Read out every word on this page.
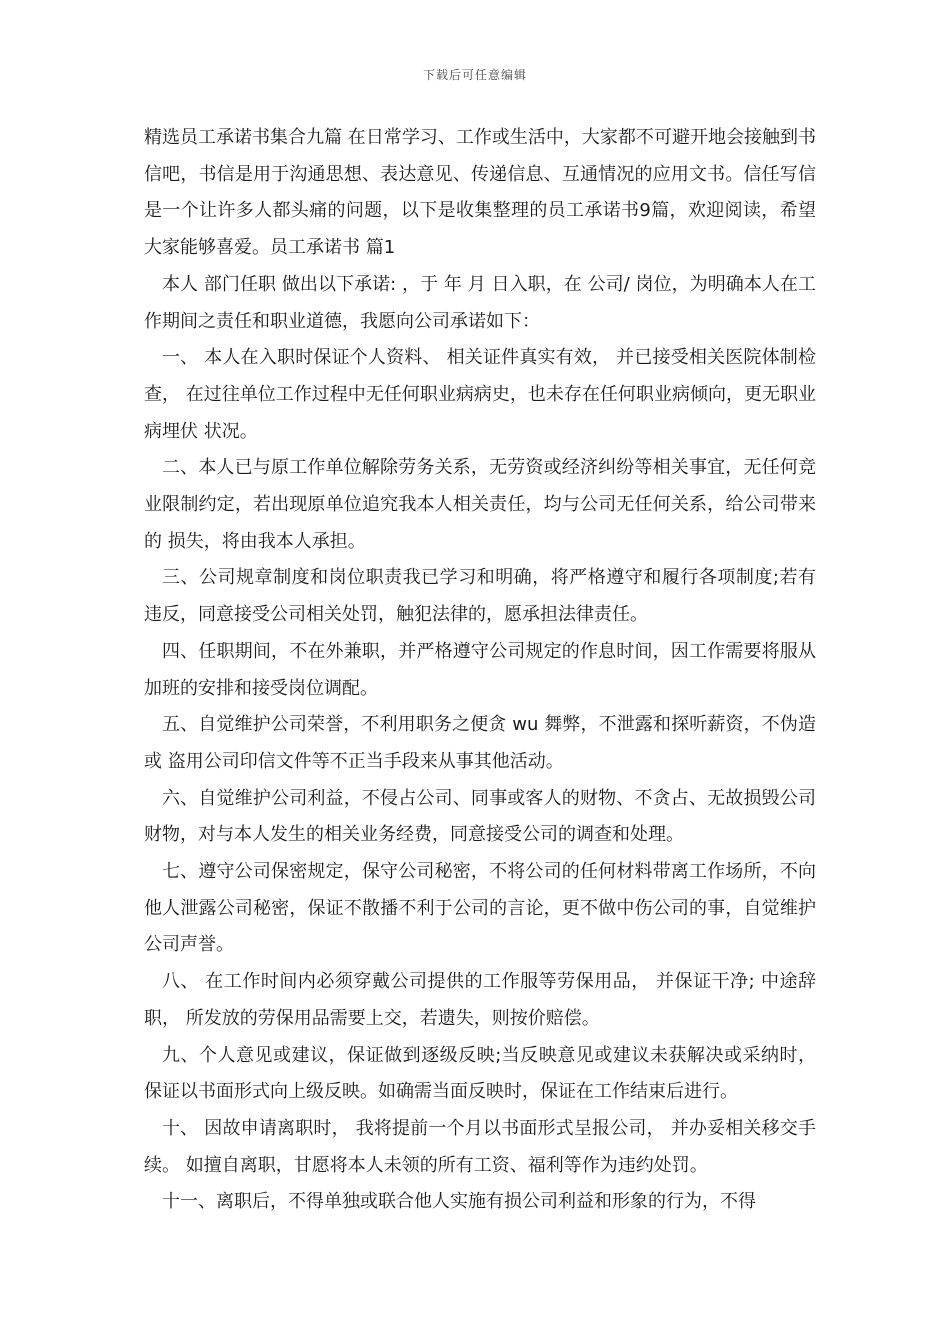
下载后可任意编辑

精选员工承诺书集合九篇 在日常学习、工作或生活中，大家都不可避开地会接触到书信吧，书信是用于沟通思想、表达意见、传递信息、互通情况的应用文书。信任写信是一个让许多人都头痛的问题，以下是收集整理的员工承诺书9篇，欢迎阅读，希望大家能够喜爱。员工承诺书 篇1

本人 部门任职 做出以下承诺: ，于 年 月 日入职，在 公司/ 岗位，为明确本人在工作期间之责任和职业道德，我愿向公司承诺如下：

一、 本人在入职时保证个人资料、 相关证件真实有效， 并已接受相关医院体制检查， 在过往单位工作过程中无任何职业病病史，也未存在任何职业病倾向，更无职业病埋伏 状况。

二、本人已与原工作单位解除劳务关系，无劳资或经济纠纷等相关事宜，无任何竞 业限制约定，若出现原单位追究我本人相关责任，均与公司无任何关系，给公司带来的 损失，将由我本人承担。

三、公司规章制度和岗位职责我已学习和明确，将严格遵守和履行各项制度;若有 违反，同意接受公司相关处罚，触犯法律的，愿承担法律责任。

四、任职期间，不在外兼职，并严格遵守公司规定的作息时间，因工作需要将服从 加班的安排和接受岗位调配。

五、自觉维护公司荣誉，不利用职务之便贪 wu 舞弊，不泄露和探听薪资，不伪造或 盗用公司印信文件等不正当手段来从事其他活动。

六、自觉维护公司利益，不侵占公司、同事或客人的财物、不贪占、无故损毁公司 财物，对与本人发生的相关业务经费，同意接受公司的调查和处理。

七、遵守公司保密规定，保守公司秘密，不将公司的任何材料带离工作场所，不向 他人泄露公司秘密，保证不散播不利于公司的言论，更不做中伤公司的事，自觉维护 公司声誉。

八、 在工作时间内必须穿戴公司提供的工作服等劳保用品， 并保证干净; 中途辞职， 所发放的劳保用品需要上交，若遗失，则按价赔偿。

九、个人意见或建议，保证做到逐级反映;当反映意见或建议未获解决或采纳时， 保证以书面形式向上级反映。如确需当面反映时，保证在工作结束后进行。

十、 因故申请离职时， 我将提前一个月以书面形式呈报公司， 并办妥相关移交手续。 如擅自离职，甘愿将本人未领的所有工资、福利等作为违约处罚。

十一、离职后，不得单独或联合他人实施有损公司利益和形象的行为，不得
